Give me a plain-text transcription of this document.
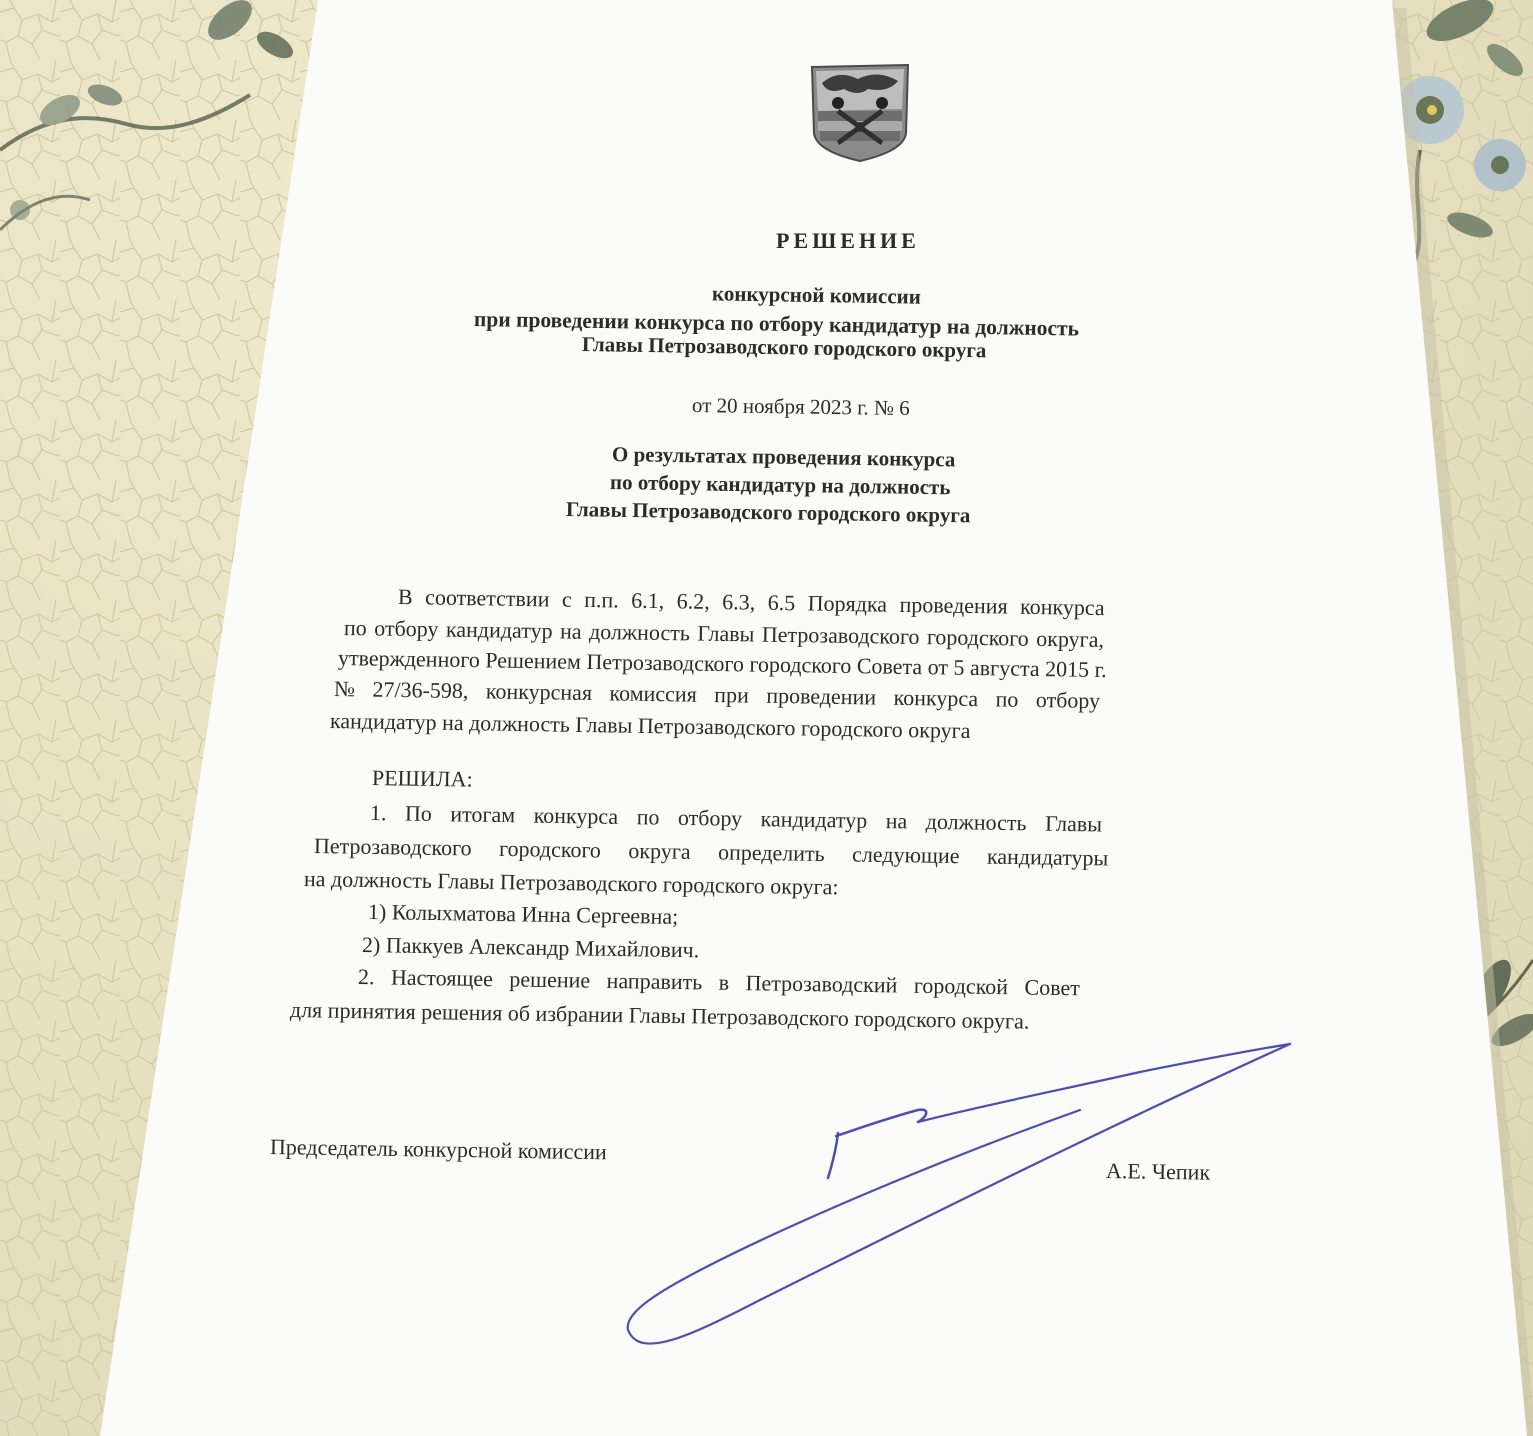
РЕШЕНИЕ
конкурсной комиссии
при проведении конкурса по отбору кандидатур на должность
Главы Петрозаводского городского округа
от 20 ноября 2023 г. № 6
О результатах проведения конкурса
по отбору кандидатур на должность
Главы Петрозаводского городского округа
В соответствии с п.п. 6.1, 6.2, 6.3, 6.5 Порядка проведения конкурса
по отбору кандидатур на должность Главы Петрозаводского городского округа,
утвержденного Решением Петрозаводского городского Совета от 5 августа 2015 г.
№ 27/36-598, конкурсная комиссия при проведении конкурса по отбору
кандидатур на должность Главы Петрозаводского городского округа
РЕШИЛА:
1. По итогам конкурса по отбору кандидатур на должность Главы
Петрозаводского городского округа определить следующие кандидатуры
на должность Главы Петрозаводского городского округа:
1) Колыхматова Инна Сергеевна;
2) Паккуев Александр Михайлович.
2. Настоящее решение направить в Петрозаводский городской Совет
для принятия решения об избрании Главы Петрозаводского городского округа.
Председатель конкурсной комиссии
А.Е. Чепик
